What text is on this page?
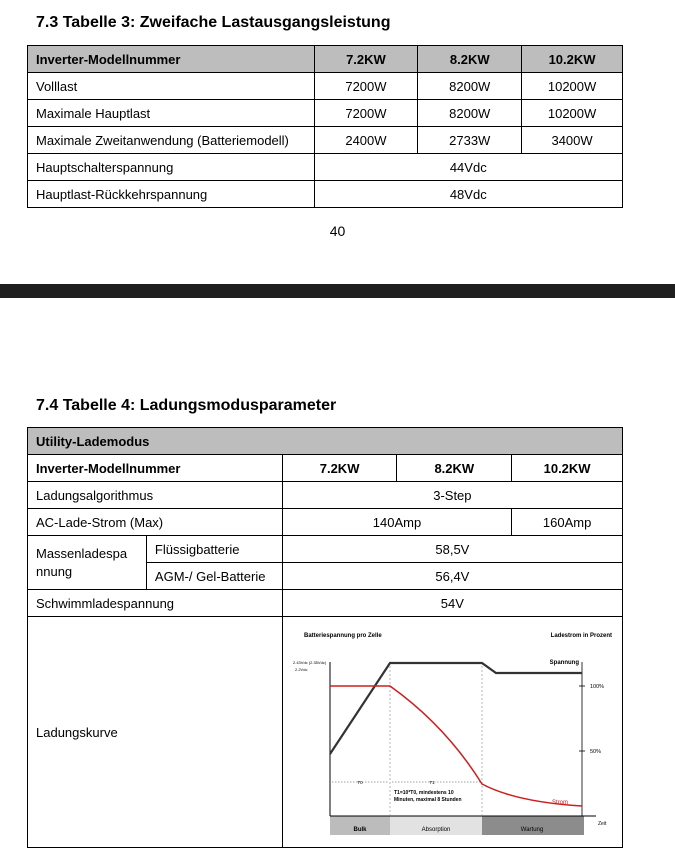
7.3 Tabelle 3: Zweifache Lastausgangsleistung
Inverter-Modellnummer	7.2KW	8.2KW	10.2KW
Volllast	7200W	8200W	10200W
Maximale Hauptlast	7200W	8200W	10200W
Maximale Zweitanwendung (Batteriemodell)	2400W	2733W	3400W
Hauptschalterspannung	44Vdc		
Hauptlast-Rückkehrspannung	48Vdc		
40
7.4 Tabelle 4: Ladungsmodusparameter
Utility-Lademodus				
Inverter-Modellnummer		7.2KW	8.2KW	10.2KW
Ladungsalgorithmus		3-Step		
AC-Lade-Strom (Max)		140Amp		160Amp
Massenladespa
nnung	Flüssigbatterie	58,5V		
	AGM-/ Gel-Batterie	56,4V		
Schwimmladespannung		54V		
Ladungskurve				
Batteriespannung pro Zelle	Ladestrom in Prozent
2.43Vdc (2.35Vdc)
2.2Vdc
Bulk	Absorption	Wartung
Zeit
100%
50%
Spannung
Strom
T0	T1
T1=10*T0, mindestens 10
Minuten, maximal 8 Stunden
